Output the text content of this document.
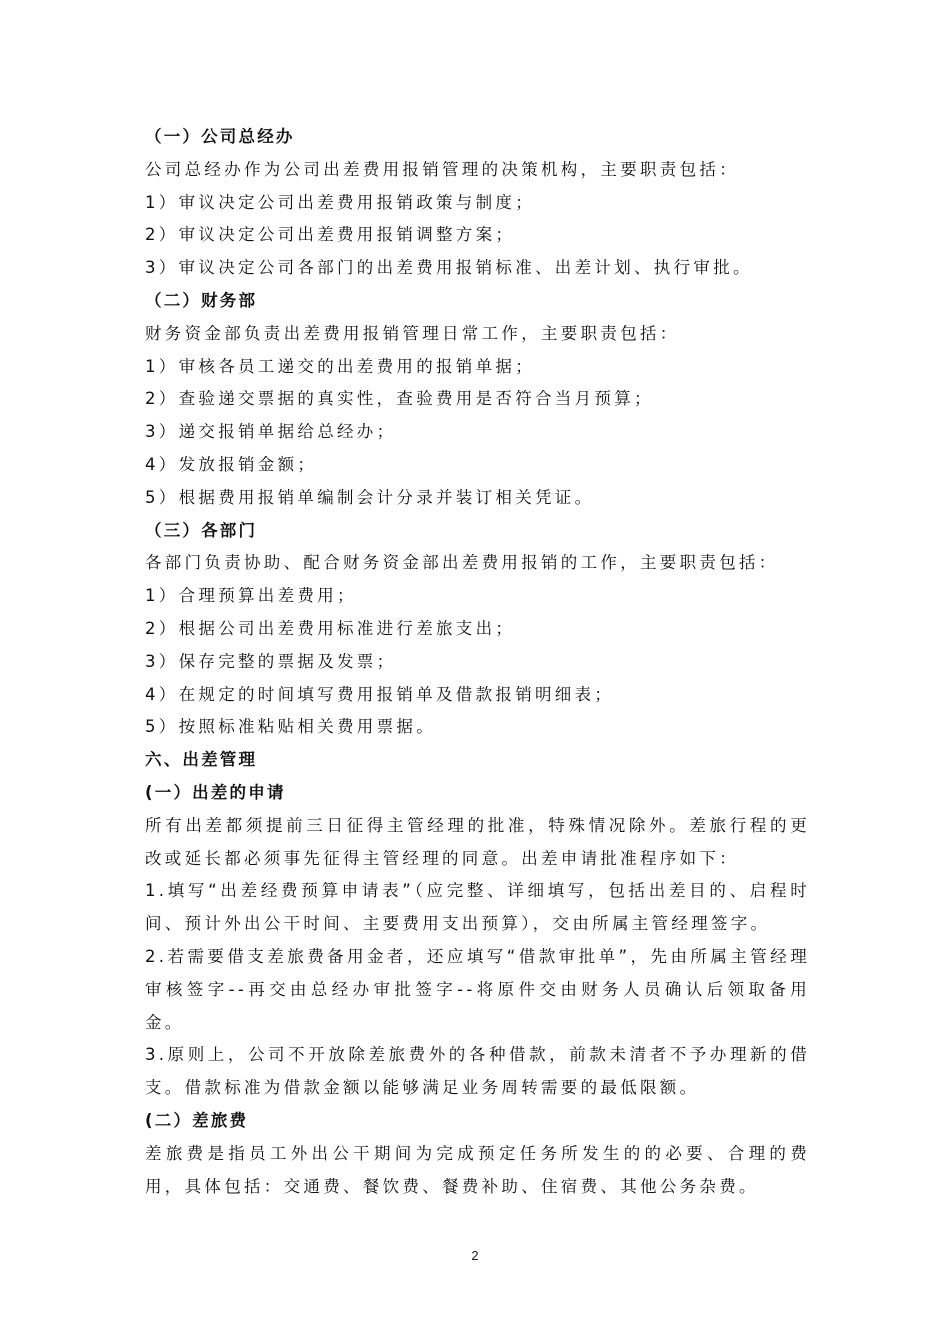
（一）公司总经办

公司总经办作为公司出差费用报销管理的决策机构，主要职责包括：

1）审议决定公司出差费用报销政策与制度；

2）审议决定公司出差费用报销调整方案；

3）审议决定公司各部门的出差费用报销标准、出差计划、执行审批。

（二）财务部

财务资金部负责出差费用报销管理日常工作，主要职责包括：

1）审核各员工递交的出差费用的报销单据；

2）查验递交票据的真实性，查验费用是否符合当月预算；

3）递交报销单据给总经办；

4）发放报销金额；

5）根据费用报销单编制会计分录并装订相关凭证。

（三）各部门

各部门负责协助、配合财务资金部出差费用报销的工作，主要职责包括：

1）合理预算出差费用；

2）根据公司出差费用标准进行差旅支出；

3）保存完整的票据及发票；

4）在规定的时间填写费用报销单及借款报销明细表；

5）按照标准粘贴相关费用票据。

六、出差管理

(一）出差的申请

所有出差都须提前三日征得主管经理的批准，特殊情况除外。差旅行程的更改或延长都必须事先征得主管经理的同意。出差申请批准程序如下：

1.填写“出差经费预算申请表”（应完整、详细填写，包括出差目的、启程时间、预计外出公干时间、主要费用支出预算），交由所属主管经理签字。

2.若需要借支差旅费备用金者，还应填写“借款审批单”，先由所属主管经理审核签字--再交由总经办审批签字--将原件交由财务人员确认后领取备用金。

3.原则上，公司不开放除差旅费外的各种借款，前款未清者不予办理新的借支。借款标准为借款金额以能够满足业务周转需要的最低限额。

(二）差旅费

差旅费是指员工外出公干期间为完成预定任务所发生的的必要、合理的费用，具体包括：交通费、餐饮费、餐费补助、住宿费、其他公务杂费。

2
